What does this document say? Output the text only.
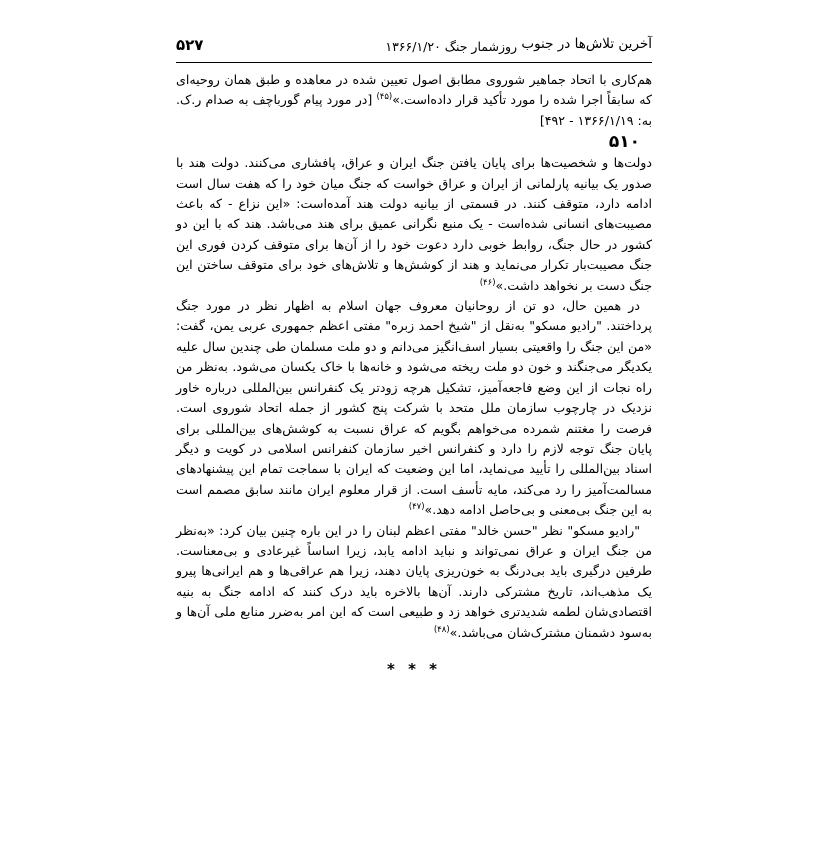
۵۲۷	آخرین تلاش‌ها در جنوب روزشمار جنگ ۱۳۶۶/۱/۲۰

هم‌کاری با اتحاد جماهیر شوروی مطابق اصول تعیین شده در معاهده و طبق همان روحیه‌ای که سابقاً اجرا شده را مورد تأکید قرار داده‌است.»$^{(۴۵)}$ [در مورد پیام گورباچف به صدام ر.ک. به: ۱۳۶۶/۱/۱۹ - ۴۹۲]

۵۱۰

دولت‌ها و شخصیت‌ها برای پایان یافتن جنگ ایران و عراق، پافشاری می‌کنند. دولت هند با صدور یک بیانیه پارلمانی از ایران و عراق خواست که جنگ میان خود را که هفت سال است ادامه دارد، متوقف کنند. در قسمتی از بیانیه دولت هند آمده‌است: «این نزاع - که باعث مصیبت‌های انسانی شده‌است - یک منبع نگرانی عمیق برای هند می‌باشد. هند که با این دو کشور در حال جنگ، روابط خوبی دارد دعوت خود را از آن‌ها برای متوقف کردن فوری این جنگ مصیبت‌بار تکرار می‌نماید و هند از کوشش‌ها و تلاش‌های خود برای متوقف ساختن این جنگ دست بر نخواهد داشت.»$^{(۴۶)}$

در همین حال، دو تن از روحانیان معروف جهان اسلام به اظهار نظر در مورد جنگ پرداختند. "رادیو مسکو" به‌نقل از "شیخ احمد زبره" مفتی اعظم جمهوری عربی یمن، گفت: «من این جنگ را واقعیتی بسیار اسف‌انگیز می‌دانم و دو ملت مسلمان طی چندین سال علیه یکدیگر می‌جنگند و خون دو ملت ریخته می‌شود و خانه‌ها با خاک یکسان می‌شود. به‌نظر من راه نجات از این وضع فاجعه‌آمیز، تشکیل هرچه زودتر یک کنفرانس بین‌المللی درباره خاور نزدیک در چارچوب سازمان ملل متحد با شرکت پنج کشور از جمله اتحاد شوروی است. فرصت را مغتنم شمرده می‌خواهم بگویم که عراق نسبت به کوشش‌های بین‌المللی برای پایان جنگ توجه لازم را دارد و کنفرانس اخیر سازمان کنفرانس اسلامی در کویت و دیگر اسناد بین‌المللی را تأیید می‌نماید، اما این وضعیت که ایران با سماجت تمام این پیشنهادهای مسالمت‌آمیز را رد می‌کند، مایه تأسف است. از قرار معلوم ایران مانند سابق مصمم است به این جنگ بی‌معنی و بی‌حاصل ادامه دهد.»$^{(۴۷)}$

"رادیو مسکو" نظر "حسن خالد" مفتی اعظم لبنان را در این باره چنین بیان کرد: «به‌نظر من جنگ ایران و عراق نمی‌تواند و نباید ادامه یابد، زیرا اساساً غیرعادی و بی‌معناست. طرفین درگیری باید بی‌درنگ به خون‌ریزی پایان دهند، زیرا هم عراقی‌ها و هم ایرانی‌ها پیرو یک مذهب‌اند، تاریخ مشترکی دارند. آن‌ها بالاخره باید درک کنند که ادامه جنگ به بنیه اقتصادی‌شان لطمه شدیدتری خواهد زد و طبیعی است که این امر به‌ضرر منابع ملی آن‌ها و به‌سود دشمنان مشترک‌شان می‌باشد.»$^{(۴۸)}$

* * *
